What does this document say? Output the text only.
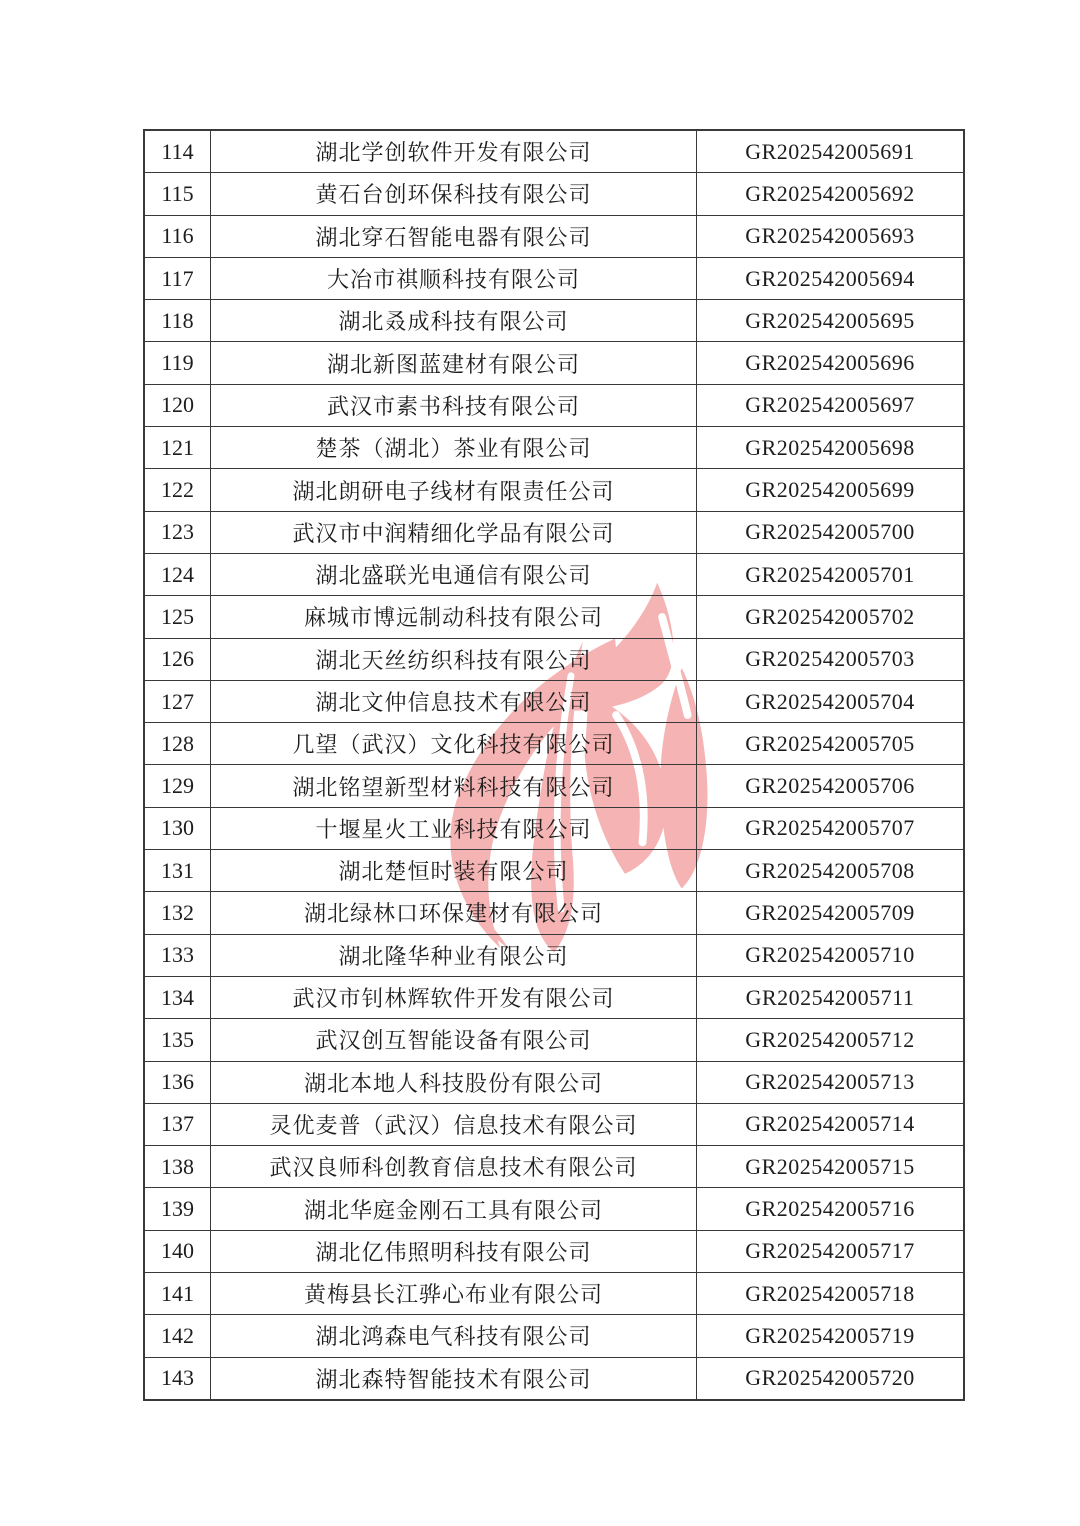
114	湖北学创软件开发有限公司	GR202542005691
115	黄石台创环保科技有限公司	GR202542005692
116	湖北穿石智能电器有限公司	GR202542005693
117	大冶市祺顺科技有限公司	GR202542005694
118	湖北叒成科技有限公司	GR202542005695
119	湖北新图蓝建材有限公司	GR202542005696
120	武汉市素书科技有限公司	GR202542005697
121	楚茶（湖北）茶业有限公司	GR202542005698
122	湖北朗研电子线材有限责任公司	GR202542005699
123	武汉市中润精细化学品有限公司	GR202542005700
124	湖北盛联光电通信有限公司	GR202542005701
125	麻城市博远制动科技有限公司	GR202542005702
126	湖北天丝纺织科技有限公司	GR202542005703
127	湖北文仲信息技术有限公司	GR202542005704
128	几望（武汉）文化科技有限公司	GR202542005705
129	湖北铭望新型材料科技有限公司	GR202542005706
130	十堰星火工业科技有限公司	GR202542005707
131	湖北楚恒时装有限公司	GR202542005708
132	湖北绿林口环保建材有限公司	GR202542005709
133	湖北隆华种业有限公司	GR202542005710
134	武汉市钊林辉软件开发有限公司	GR202542005711
135	武汉创互智能设备有限公司	GR202542005712
136	湖北本地人科技股份有限公司	GR202542005713
137	灵优麦普（武汉）信息技术有限公司	GR202542005714
138	武汉良师科创教育信息技术有限公司	GR202542005715
139	湖北华庭金刚石工具有限公司	GR202542005716
140	湖北亿伟照明科技有限公司	GR202542005717
141	黄梅县长江骅心布业有限公司	GR202542005718
142	湖北鸿森电气科技有限公司	GR202542005719
143	湖北森特智能技术有限公司	GR202542005720
